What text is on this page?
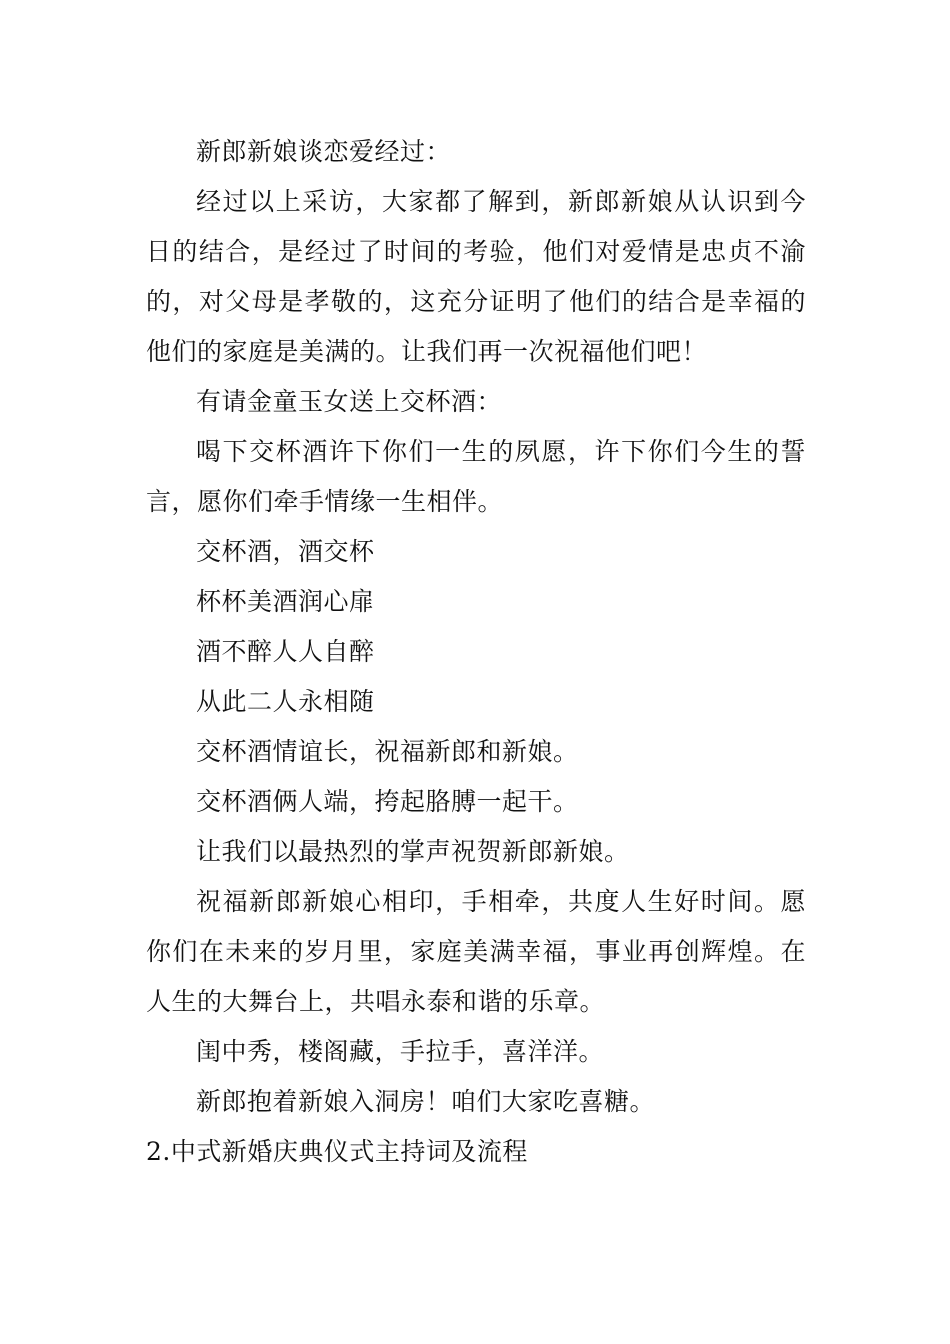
新郎新娘谈恋爱经过：

经过以上采访，大家都了解到，新郎新娘从认识到今日的结合，是经过了时间的考验，他们对爱情是忠贞不渝的，对父母是孝敬的，这充分证明了他们的结合是幸福的他们的家庭是美满的。让我们再一次祝福他们吧！

有请金童玉女送上交杯酒：

喝下交杯酒许下你们一生的夙愿，许下你们今生的誓言，愿你们牵手情缘一生相伴。

交杯酒，酒交杯

杯杯美酒润心扉

酒不醉人人自醉

从此二人永相随

交杯酒情谊长，祝福新郎和新娘。

交杯酒俩人端，挎起胳膊一起干。

让我们以最热烈的掌声祝贺新郎新娘。

祝福新郎新娘心相印，手相牵，共度人生好时间。愿你们在未来的岁月里，家庭美满幸福，事业再创辉煌。在人生的大舞台上，共唱永泰和谐的乐章。

闺中秀，楼阁藏，手拉手，喜洋洋。

新郎抱着新娘入洞房！咱们大家吃喜糖。

2.中式新婚庆典仪式主持词及流程
